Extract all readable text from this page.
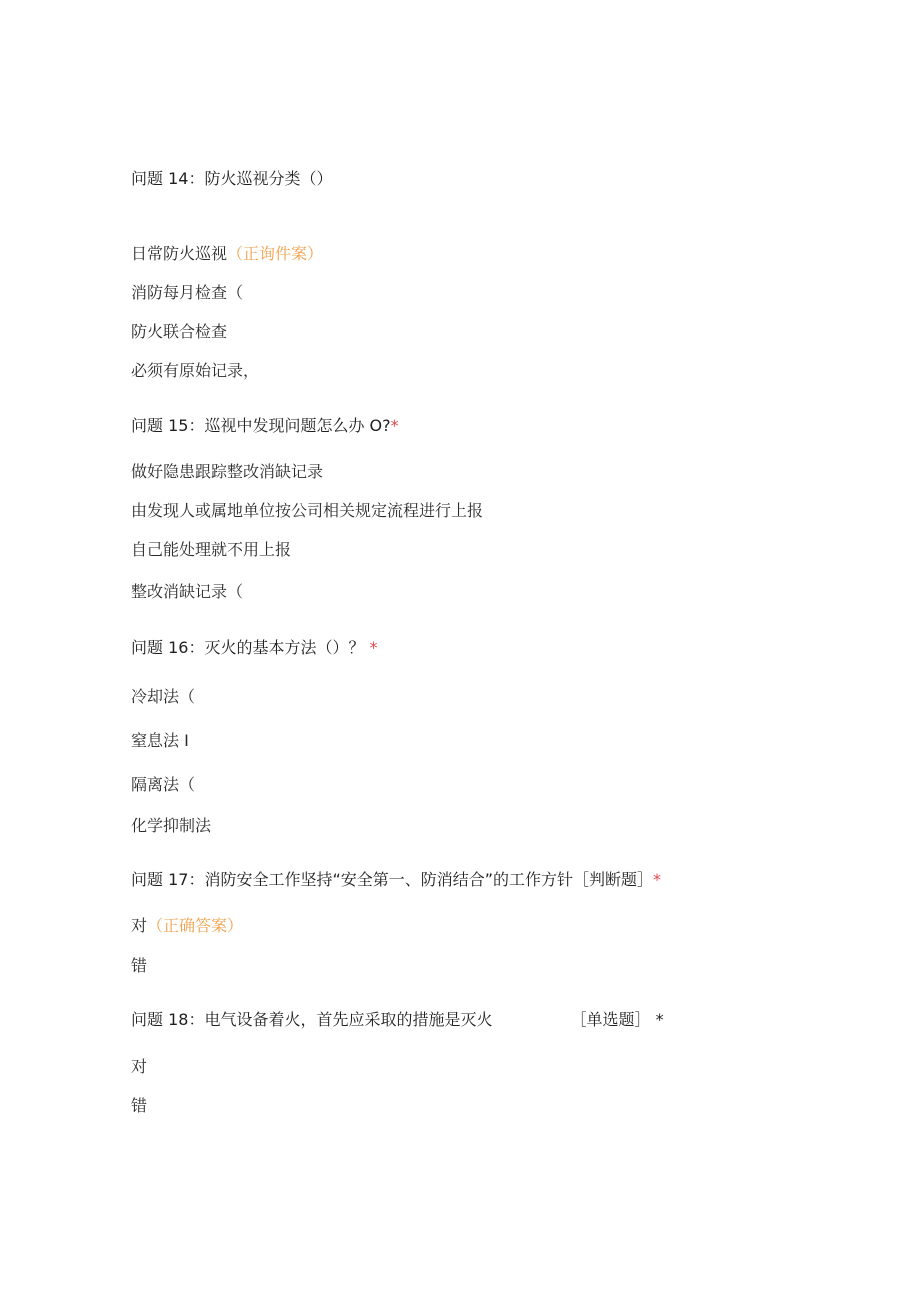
问题 14：防火巡视分类（）
日常防火巡视（正询件案）
消防每月检查（
防火联合检查
必须有原始记录，
问题 15：巡视中发现问题怎么办 O?*
做好隐患跟踪整改消缺记录
由发现人或属地单位按公司相关规定流程进行上报
自己能处理就不用上报
整改消缺记录（
问题 16：灭火的基本方法（）？ *
冷却法（
窒息法 I
隔离法（
化学抑制法
问题 17：消防安全工作坚持“安全第一、防消结合”的工作方针［判断题］*
对（正确答案）
错
问题 18：电气设备着火，首先应采取的措施是灭火	［单选题］ *
对
错
